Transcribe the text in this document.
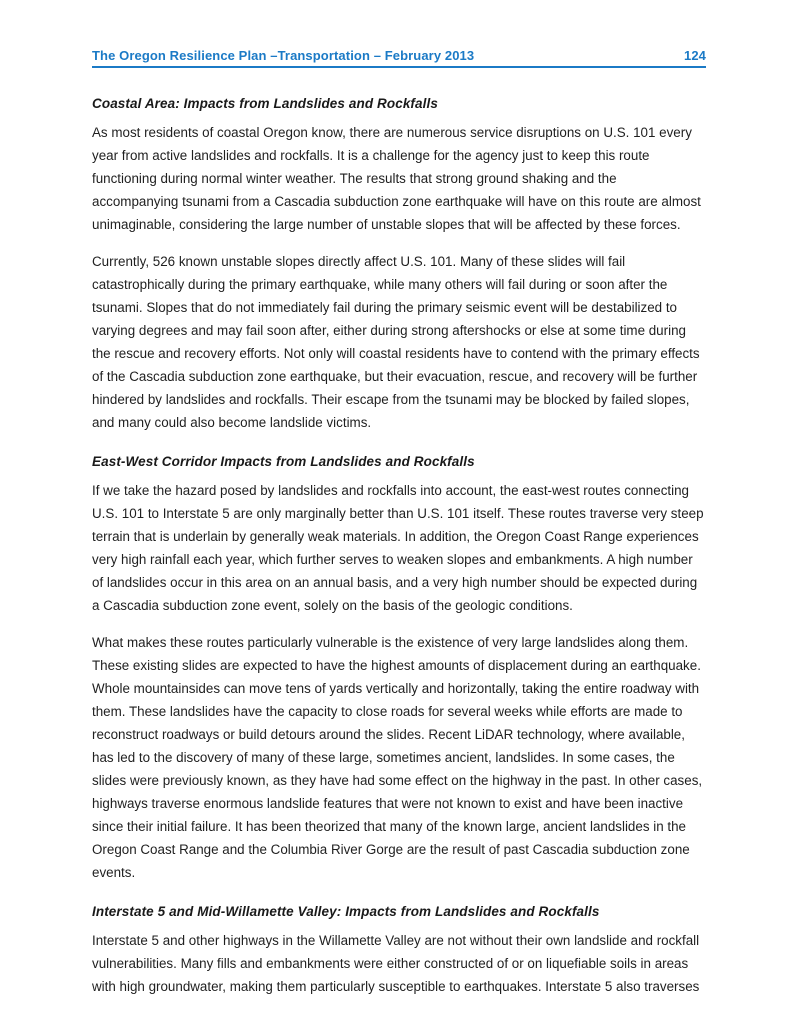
The Oregon Resilience Plan –Transportation – February 2013	124
Coastal Area: Impacts from Landslides and Rockfalls

As most residents of coastal Oregon know, there are numerous service disruptions on U.S. 101 every year from active landslides and rockfalls. It is a challenge for the agency just to keep this route functioning during normal winter weather. The results that strong ground shaking and the accompanying tsunami from a Cascadia subduction zone earthquake will have on this route are almost unimaginable, considering the large number of unstable slopes that will be affected by these forces.

Currently, 526 known unstable slopes directly affect U.S. 101. Many of these slides will fail catastrophically during the primary earthquake, while many others will fail during or soon after the tsunami. Slopes that do not immediately fail during the primary seismic event will be destabilized to varying degrees and may fail soon after, either during strong aftershocks or else at some time during the rescue and recovery efforts. Not only will coastal residents have to contend with the primary effects of the Cascadia subduction zone earthquake, but their evacuation, rescue, and recovery will be further hindered by landslides and rockfalls. Their escape from the tsunami may be blocked by failed slopes, and many could also become landslide victims.

East-West Corridor Impacts from Landslides and Rockfalls

If we take the hazard posed by landslides and rockfalls into account, the east-west routes connecting U.S. 101 to Interstate 5 are only marginally better than U.S. 101 itself. These routes traverse very steep terrain that is underlain by generally weak materials. In addition, the Oregon Coast Range experiences very high rainfall each year, which further serves to weaken slopes and embankments. A high number of landslides occur in this area on an annual basis, and a very high number should be expected during a Cascadia subduction zone event, solely on the basis of the geologic conditions.

What makes these routes particularly vulnerable is the existence of very large landslides along them. These existing slides are expected to have the highest amounts of displacement during an earthquake. Whole mountainsides can move tens of yards vertically and horizontally, taking the entire roadway with them. These landslides have the capacity to close roads for several weeks while efforts are made to reconstruct roadways or build detours around the slides. Recent LiDAR technology, where available, has led to the discovery of many of these large, sometimes ancient, landslides. In some cases, the slides were previously known, as they have had some effect on the highway in the past. In other cases, highways traverse enormous landslide features that were not known to exist and have been inactive since their initial failure. It has been theorized that many of the known large, ancient landslides in the Oregon Coast Range and the Columbia River Gorge are the result of past Cascadia subduction zone events.

Interstate 5 and Mid-Willamette Valley: Impacts from Landslides and Rockfalls

Interstate 5 and other highways in the Willamette Valley are not without their own landslide and rockfall vulnerabilities. Many fills and embankments were either constructed of or on liquefiable soils in areas with high groundwater, making them particularly susceptible to earthquakes. Interstate 5 also traverses
